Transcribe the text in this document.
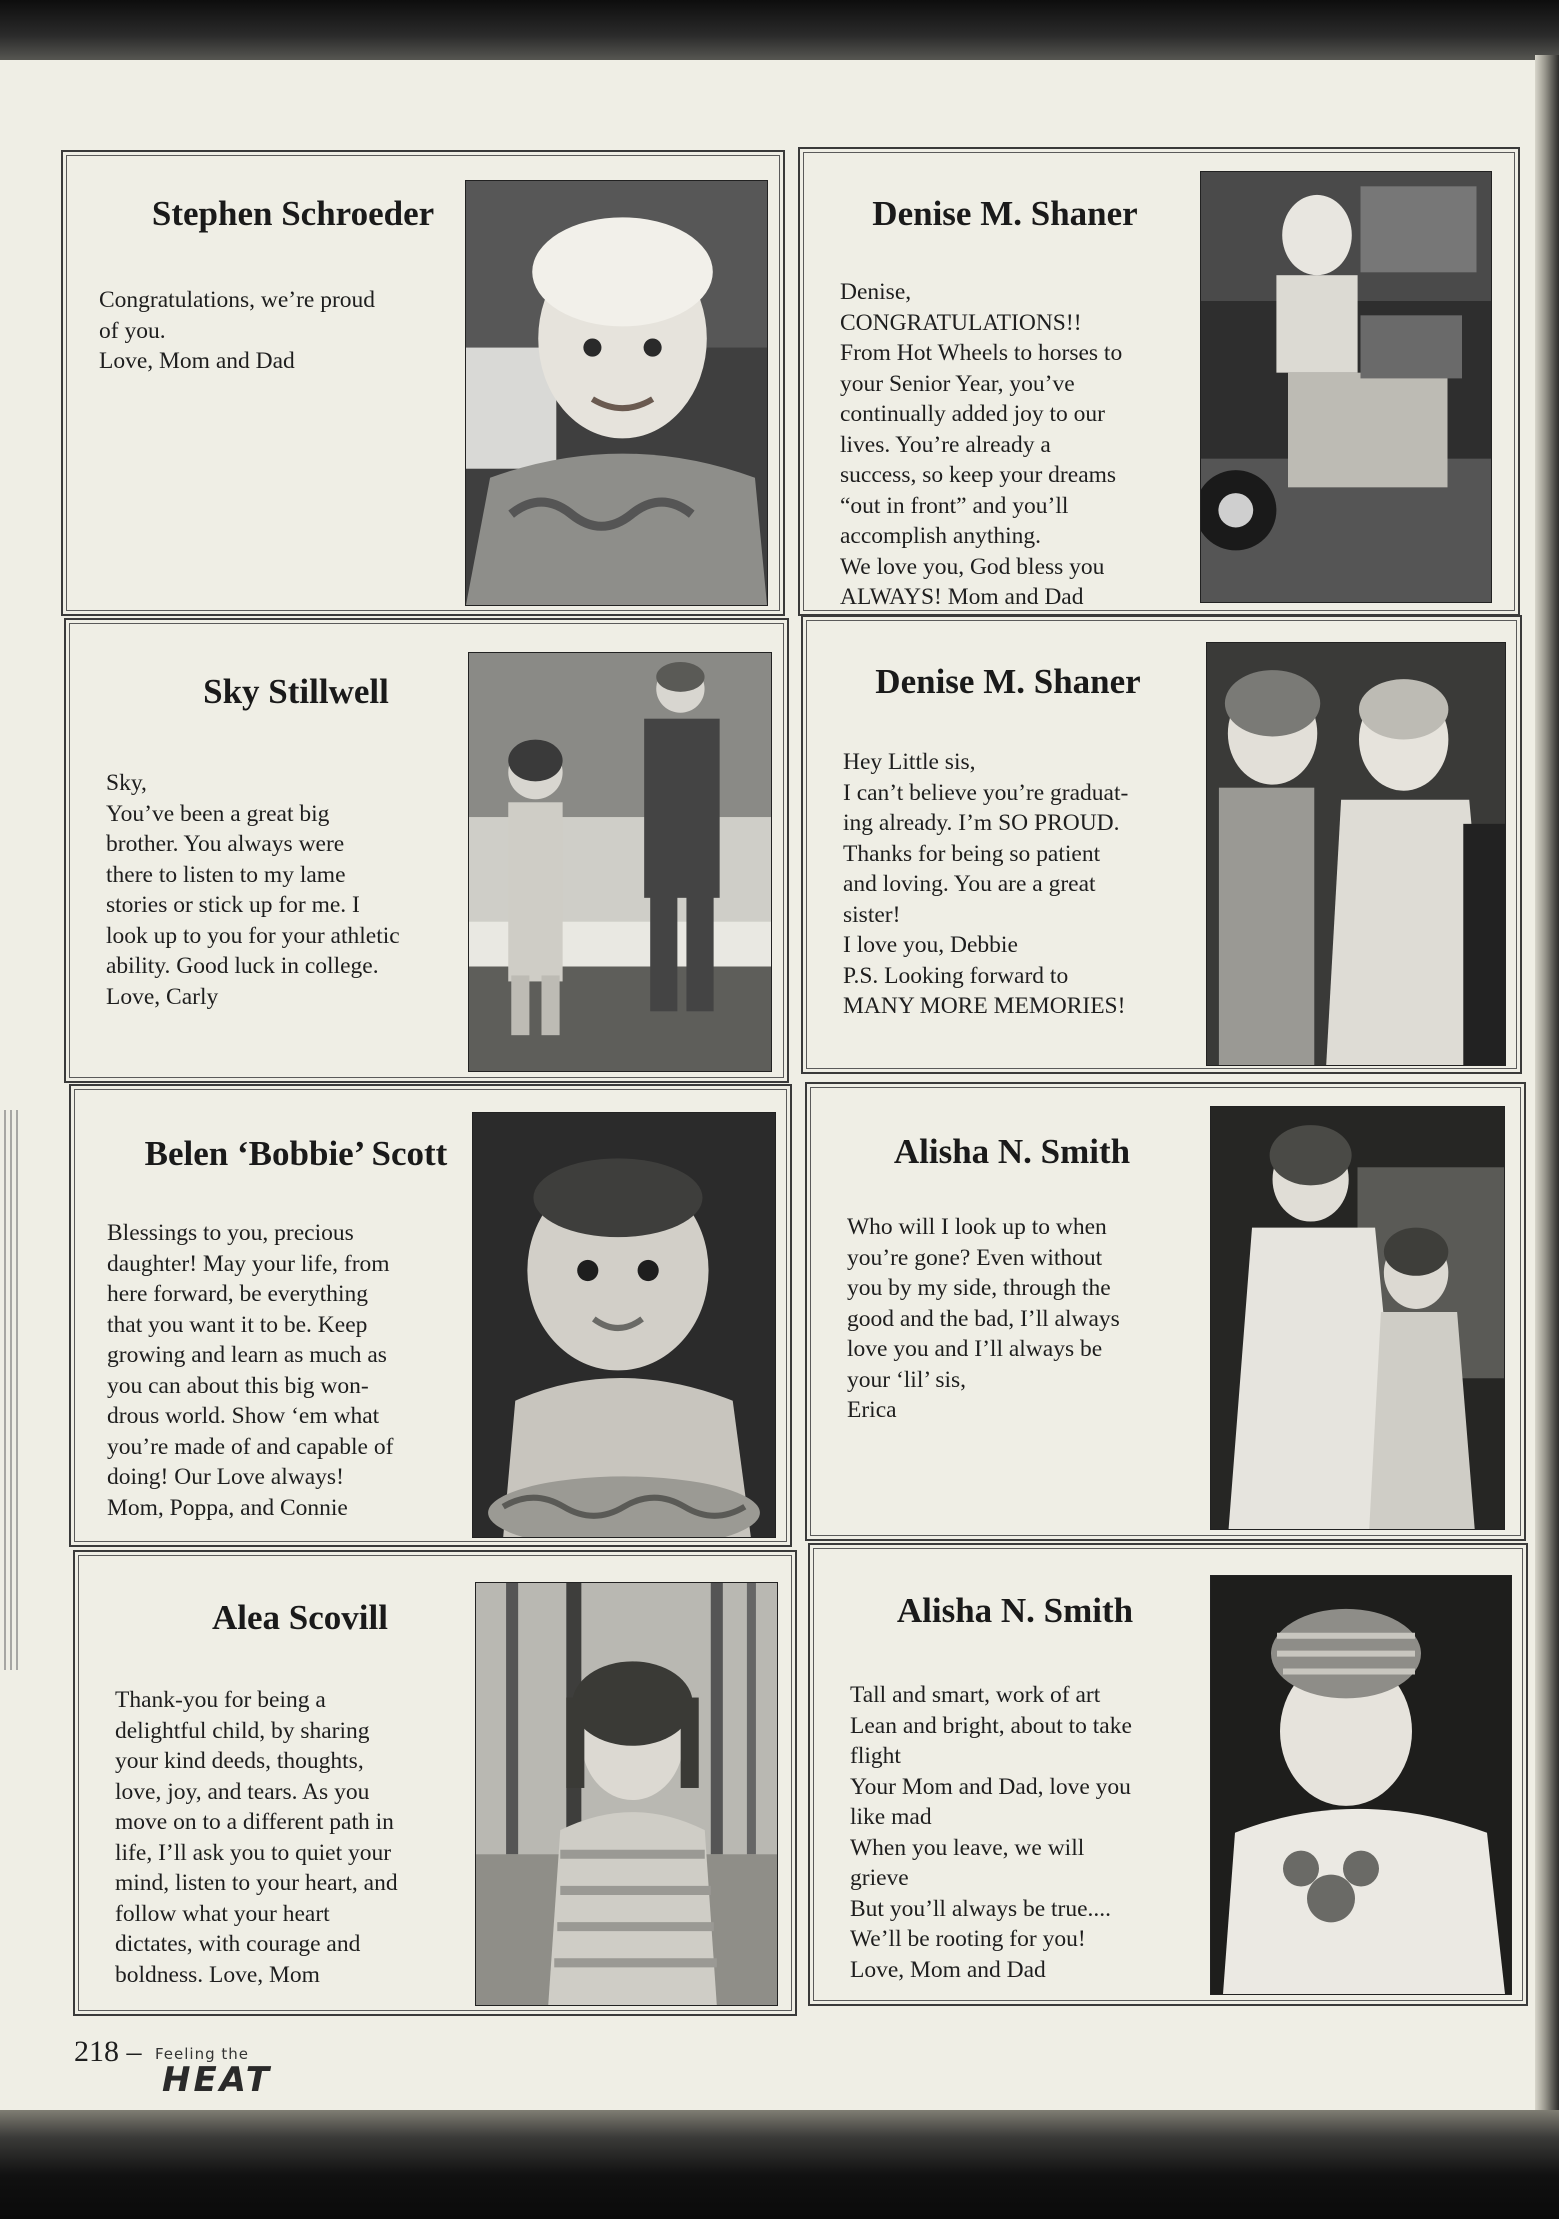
Stephen Schroeder
Congratulations, we’re proud
of you.
Love, Mom and Dad
Denise M. Shaner
Denise,
CONGRATULATIONS!!
From Hot Wheels to horses to
your Senior Year, you’ve
continually added joy to our
lives. You’re already a
success, so keep your dreams
“out in front” and you’ll
accomplish anything.
We love you, God bless you
ALWAYS! Mom and Dad
Sky Stillwell
Sky,
You’ve been a great big
brother. You always were
there to listen to my lame
stories or stick up for me. I
look up to you for your athletic
ability. Good luck in college.
Love, Carly
Denise M. Shaner
Hey Little sis,
I can’t believe you’re graduat-
ing already. I’m SO PROUD.
Thanks for being so patient
and loving. You are a great
sister!
I love you, Debbie
P.S. Looking forward to
MANY MORE MEMORIES!
Belen ‘Bobbie’ Scott
Blessings to you, precious
daughter! May your life, from
here forward, be everything
that you want it to be. Keep
growing and learn as much as
you can about this big won-
drous world. Show ‘em what
you’re made of and capable of
doing! Our Love always!
Mom, Poppa, and Connie
Alisha N. Smith
Who will I look up to when
you’re gone? Even without
you by my side, through the
good and the bad, I’ll always
love you and I’ll always be
your ‘lil’ sis,
Erica
Alea Scovill
Thank-you for being a
delightful child, by sharing
your kind deeds, thoughts,
love, joy, and tears. As you
move on to a different path in
life, I’ll ask you to quiet your
mind, listen to your heart, and
follow what your heart
dictates, with courage and
boldness. Love, Mom
Alisha N. Smith
Tall and smart, work of art
Lean and bright, about to take
flight
Your Mom and Dad, love you
like mad
When you leave, we will
grieve
But you’ll always be true....
We’ll be rooting for you!
Love, Mom and Dad
218 – Feeling the
HEAT
